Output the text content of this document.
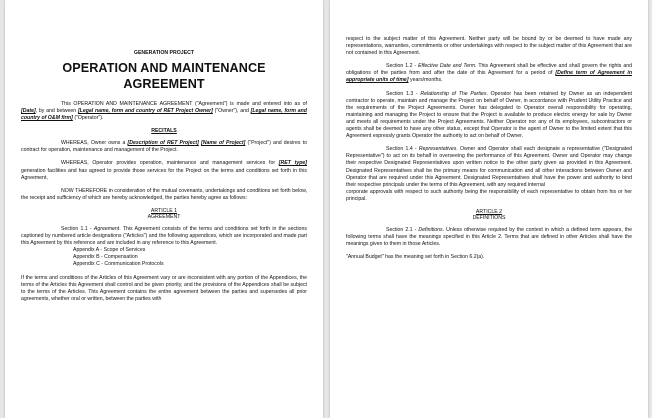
GENERATION PROJECT
OPERATION AND MAINTENANCE
AGREEMENT

This OPERATION AND MAINTENANCE AGREEMENT ("Agreement") is made and entered into as of [Date], by and between [Legal name, form and country of RET Project Owner] ("Owner"), and [Legal name, form and country of O&M firm] ("Operator").

RECITALS

WHEREAS, Owner owns a [Description of RET Project] [Name of Project] ("Project") and desires to contract for operation, maintenance and management of the Project.

WHEREAS, Operator provides operation, maintenance and management services for [RET type] generation facilities and has agreed to provide those services for the Project on the terms and conditions set forth in this Agreement,

NOW THEREFORE in consideration of the mutual covenants, undertakings and conditions set forth below, the receipt and sufficiency of which are hereby acknowledged, the parties hereby agree as follows:

ARTICLE 1
AGREEMENT

Section 1.1 - Agreement. This Agreement consists of the terms and conditions set forth in the sections captioned by numbered article designations ("Articles") and the following appendices, which are incorporated and made part this Agreement by this reference and are included in any reference to this Agreement.

Appendix A - Scope of Services

Appendix B - Compensation

Appendix C - Communication Protocols

If the terms and conditions of the Articles of this Agreement vary or are inconsistent with any portion of the Appendices, the terms of the Articles this Agreement shall control and be given priority, and the provisions of the Appendices shall be subject to the terms of the Articles. This Agreement contains the entire agreement between the parties and supersedes all prior agreements, whether oral or written, between the parties with

respect to the subject matter of this Agreement. Neither party will be bound by or be deemed to have made any representations, warranties, commitments or other undertakings with respect to the subject matter of this Agreement that are not contained in this Agreement.

Section 1.2 - Effective Date and Term. This Agreement shall be effective and shall govern the rights and obligations of the parties from and after the date of this Agreement for a period of [Define term of Agreement in appropriate units of time] years/months.

Section 1.3 - Relationship of The Parties. Operator has been retained by Owner as an independent contractor to operate, maintain and manage the Project on behalf of Owner, in accordance with Prudent Utility Practice and the requirements of the Project Agreements. Owner has delegated to Operator overall responsibility for operating, maintaining and managing the Project to ensure that the Project is available to produce electric energy for sale by Owner and meets all requirements under the Project Agreements. Neither Operator nor any of its employees, subcontractors or agents shall be deemed to have any other status, except that Operator is the agent of Owner to the limited extent that this Agreement expressly grants Operator the authority to act on behalf of Owner.

Section 1.4 - Representatives. Owner and Operator shall each designate a representative ("Designated Representative") to act on its behalf in overseeing the performance of this Agreement. Owner and Operator may change their respective Designated Representatives upon written notice to the other party given as provided in this Agreement. Designated Representatives shall be the primary means for communication and all other interactions between Owner and Operator that are required under this Agreement. Designated Representatives shall have the power and authority to bind their respective principals under the terms of this Agreement, with any required internal

corporate approvals with respect to such authority being the responsibility of each representative to obtain from his or her principal.

ARTICLE 2
DEFINITIONS

Section 2.1 - Definitions. Unless otherwise required by the context in which a defined term appears, the following terms shall have the meanings specified in this Article 2. Terms that are defined in other Articles shall have the meanings given to them in those Articles.

"Annual Budget" has the meaning set forth in Section 6.2(a).
